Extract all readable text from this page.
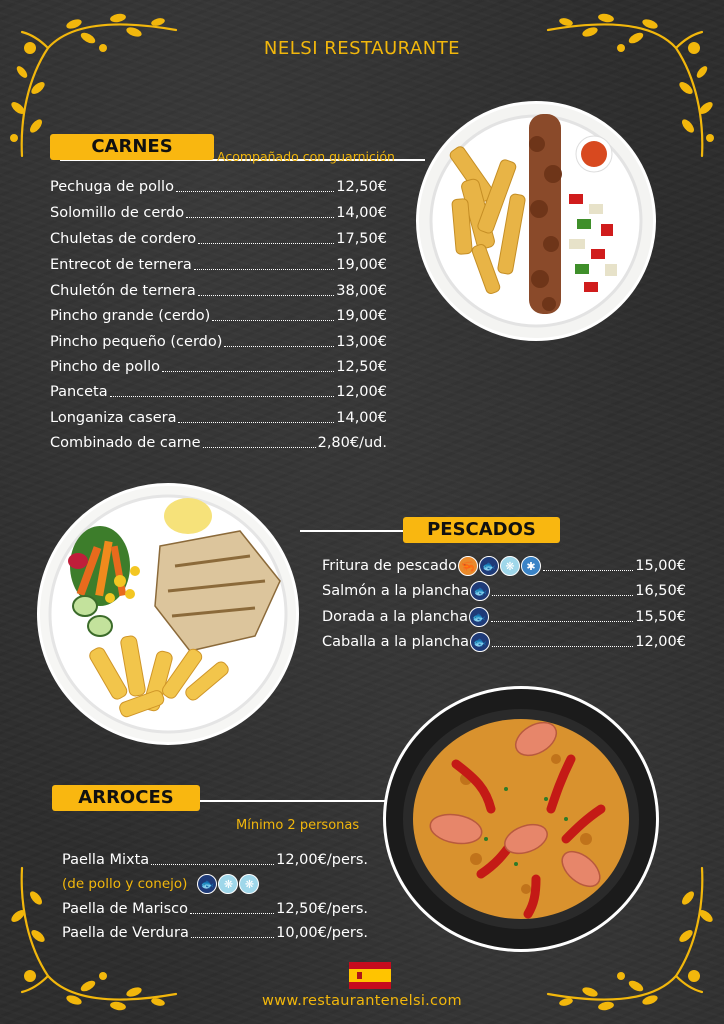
NELSI RESTAURANTE
CARNES	Acompañado con guarnición
Pechuga de pollo	12,50€
Solomillo de cerdo	14,00€
Chuletas de cordero	17,50€
Entrecot de ternera	19,00€
Chuletón de ternera	38,00€
Pincho grande (cerdo)	19,00€
Pincho pequeño (cerdo)	13,00€
Pincho de pollo	12,50€
Panceta	12,00€
Longaniza casera	14,00€
Combinado de carne	2,80€/ud.
PESCADOS
Fritura de pescado 🦐 🐟 ❋	✱	15,00€
Salmón a la plancha 🐟	16,50€
Dorada a la plancha 🐟	15,50€
Caballa a la plancha 🐟	12,00€
ARROCES
Mínimo 2 personas
Paella Mixta	12,00€/pers.
(de pollo y conejo) 🐟 ❋	❋
Paella de Marisco	12,50€/pers.
Paella de Verdura	10,00€/pers.
www.restaurantenelsi.com
